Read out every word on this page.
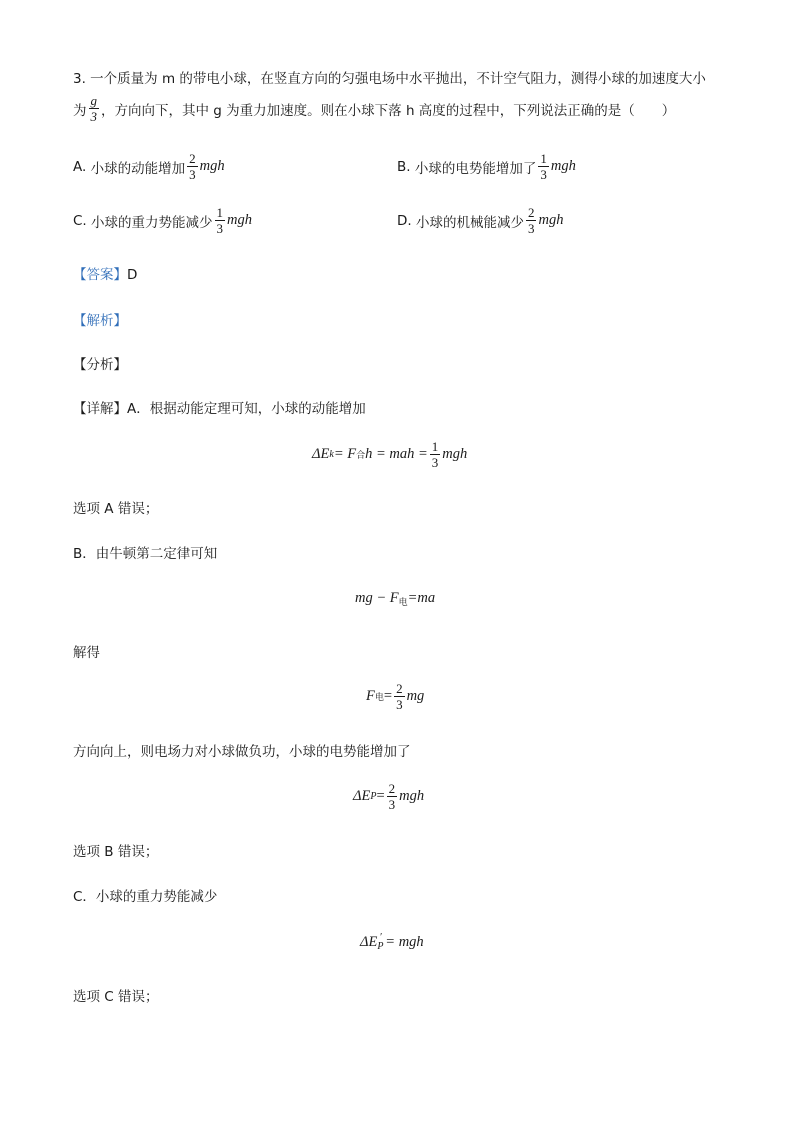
3. 一个质量为 m 的带电小球，在竖直方向的匀强电场中水平抛出，不计空气阻力，测得小球的加速度大小
为 $\frac{g}{3}$ ，方向向下，其中 g 为重力加速度。则在小球下落 h 高度的过程中，下列说法正确的是（　　）
A.
小球的动能增加 $\frac{2}{3}$ mgh	B.
小球的电势能增加了 $\frac{1}{3}$ mgh
C.
小球的重力势能减少 $\frac{1}{3}$ mgh	D.
小球的机械能减少 $\frac{2}{3}$ mgh
【答案】D
【解析】
【分析】
【详解】A．根据动能定理可知，小球的动能增加
ΔE k = F 合 h = mah = $\frac{1}{3}$ mgh
选项 A 错误；
B．由牛顿第二定律可知
mg − $F_电=ma$
解得
F 电 = $\frac{2}{3}$ mg
方向向上，则电场力对小球做负功，小球的电势能增加了
ΔE $P = \frac{2}{3}$ mgh
选项 B 错误；
C．小球的重力势能减少
$\Delta E_P'$ = mgh
选项 C 错误；
